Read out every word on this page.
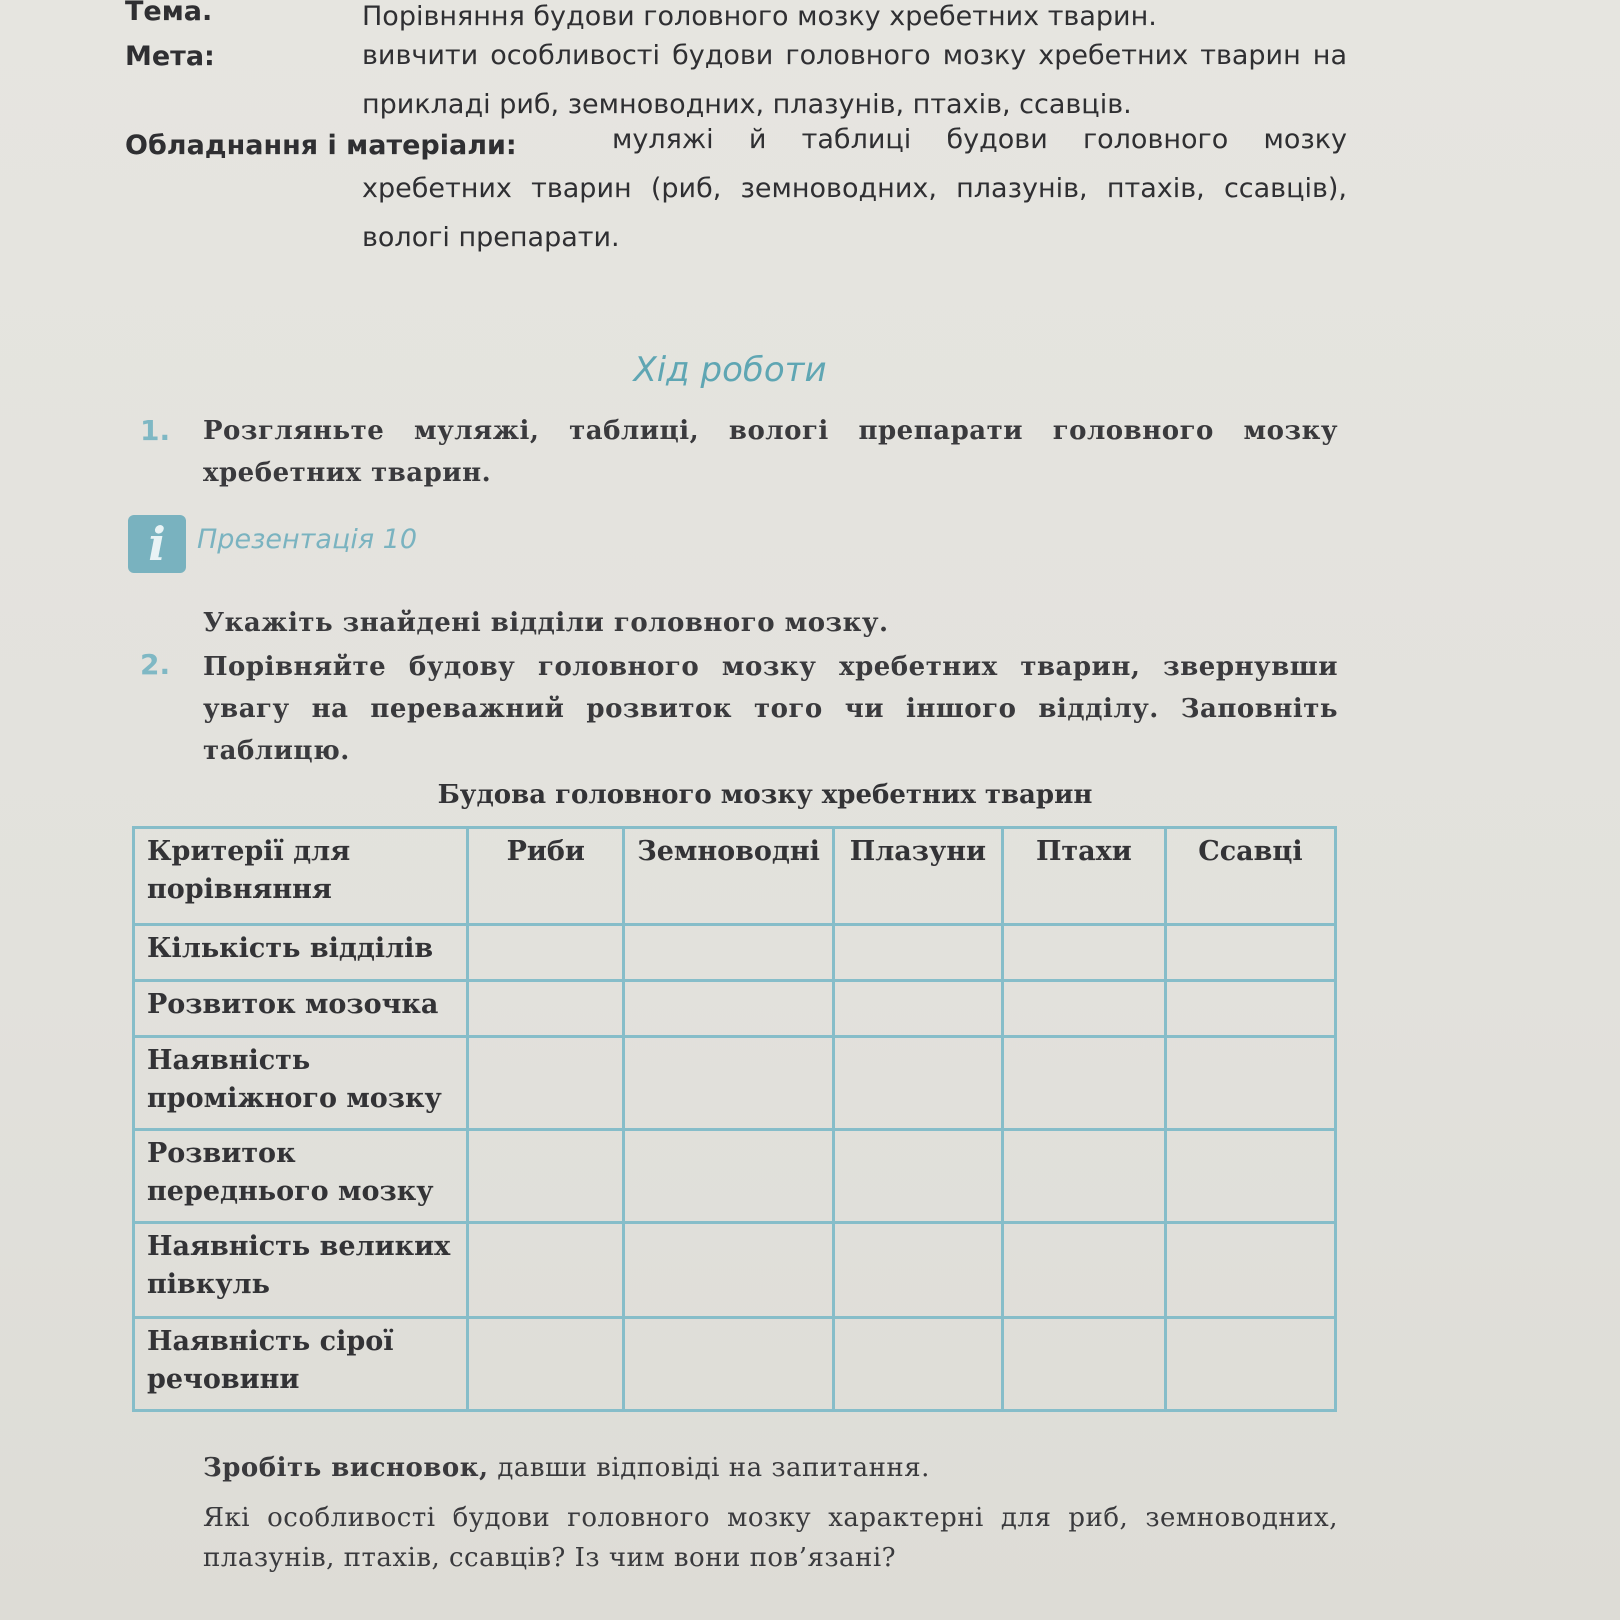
Тема.	Порівняння будови головного мозку хребетних тварин.
Мета:	вивчити особливості будови головного мозку хребетних тварин на прикладі риб, земноводних, плазунів, птахів, ссавців.
Обладнання і матеріали:	муляжі й таблиці будови головного мозку хребетних тварин (риб, земноводних, плазунів, птахів, ссавців), вологі препарати.
Хід роботи
1. Розгляньте муляжі, таблиці, вологі препарати головного мозку хребетних тварин.
i	Презентація 10
Укажіть знайдені відділи головного мозку.
2. Порівняйте будову головного мозку хребетних тварин, звернувши увагу на переважний розвиток того чи іншого відділу. Заповніть таблицю.
Будова головного мозку хребетних тварин
Критерії для порівняння	Риби	Земноводні	Плазуни	Птахи	Ссавці
Кількість відділів					
Розвиток мозочка					
Наявність проміжного мозку					
Розвиток переднього мозку					
Наявність великих півкуль					
Наявність сірої речовини					
Зробіть висновок, давши відповіді на запитання.
Які особливості будови головного мозку характерні для риб, земноводних, плазунів, птахів, ссавців? Із чим вони пов’язані?
